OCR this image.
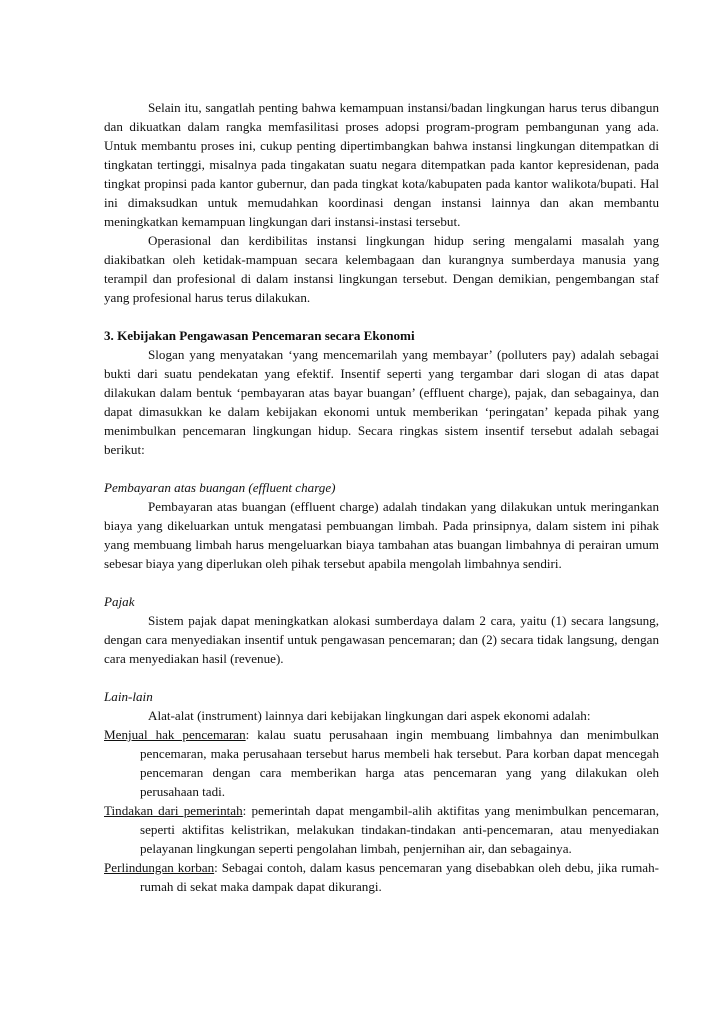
Selain itu, sangatlah penting bahwa kemampuan instansi/badan lingkungan harus terus dibangun dan dikuatkan dalam rangka memfasilitasi proses adopsi program-program pembangunan yang ada. Untuk membantu proses ini, cukup penting dipertimbangkan bahwa instansi lingkungan ditempatkan di tingkatan tertinggi, misalnya pada tingakatan suatu negara ditempatkan pada kantor kepresidenan, pada tingkat propinsi pada kantor gubernur, dan pada tingkat kota/kabupaten pada kantor walikota/bupati. Hal ini dimaksudkan untuk memudahkan koordinasi dengan instansi lainnya dan akan membantu meningkatkan kemampuan lingkungan dari instansi-instasi tersebut.

Operasional dan kerdibilitas instansi lingkungan hidup sering mengalami masalah yang diakibatkan oleh ketidak-mampuan secara kelembagaan dan kurangnya sumberdaya manusia yang terampil dan profesional di dalam instansi lingkungan tersebut. Dengan demikian, pengembangan staf yang profesional harus terus dilakukan.

3. Kebijakan Pengawasan Pencemaran secara Ekonomi

Slogan yang menyatakan ‘yang mencemarilah yang membayar’ (polluters pay) adalah sebagai bukti dari suatu pendekatan yang efektif. Insentif seperti yang tergambar dari slogan di atas dapat dilakukan dalam bentuk ‘pembayaran atas bayar buangan’ (effluent charge), pajak, dan sebagainya, dan dapat dimasukkan ke dalam kebijakan ekonomi untuk memberikan ‘peringatan’ kepada pihak yang menimbulkan pencemaran lingkungan hidup. Secara ringkas sistem insentif tersebut adalah sebagai berikut:

Pembayaran atas buangan (effluent charge)

Pembayaran atas buangan (effluent charge) adalah tindakan yang dilakukan untuk meringankan biaya yang dikeluarkan untuk mengatasi pembuangan limbah. Pada prinsipnya, dalam sistem ini pihak yang membuang limbah harus mengeluarkan biaya tambahan atas buangan limbahnya di perairan umum sebesar biaya yang diperlukan oleh pihak tersebut apabila mengolah limbahnya sendiri.

Pajak

Sistem pajak dapat meningkatkan alokasi sumberdaya dalam 2 cara, yaitu (1) secara langsung, dengan cara menyediakan insentif untuk pengawasan pencemaran; dan (2) secara tidak langsung, dengan cara menyediakan hasil (revenue).

Lain-lain

Alat-alat (instrument) lainnya dari kebijakan lingkungan dari aspek ekonomi adalah:

Menjual hak pencemaran: kalau suatu perusahaan ingin membuang limbahnya dan menimbulkan pencemaran, maka perusahaan tersebut harus membeli hak tersebut. Para korban dapat mencegah pencemaran dengan cara memberikan harga atas pencemaran yang yang dilakukan oleh perusahaan tadi.

Tindakan dari pemerintah: pemerintah dapat mengambil-alih aktifitas yang menimbulkan pencemaran, seperti aktifitas kelistrikan, melakukan tindakan-tindakan anti-pencemaran, atau menyediakan pelayanan lingkungan seperti pengolahan limbah, penjernihan air, dan sebagainya.

Perlindungan korban: Sebagai contoh, dalam kasus pencemaran yang disebabkan oleh debu, jika rumah-rumah di sekat maka dampak dapat dikurangi.
